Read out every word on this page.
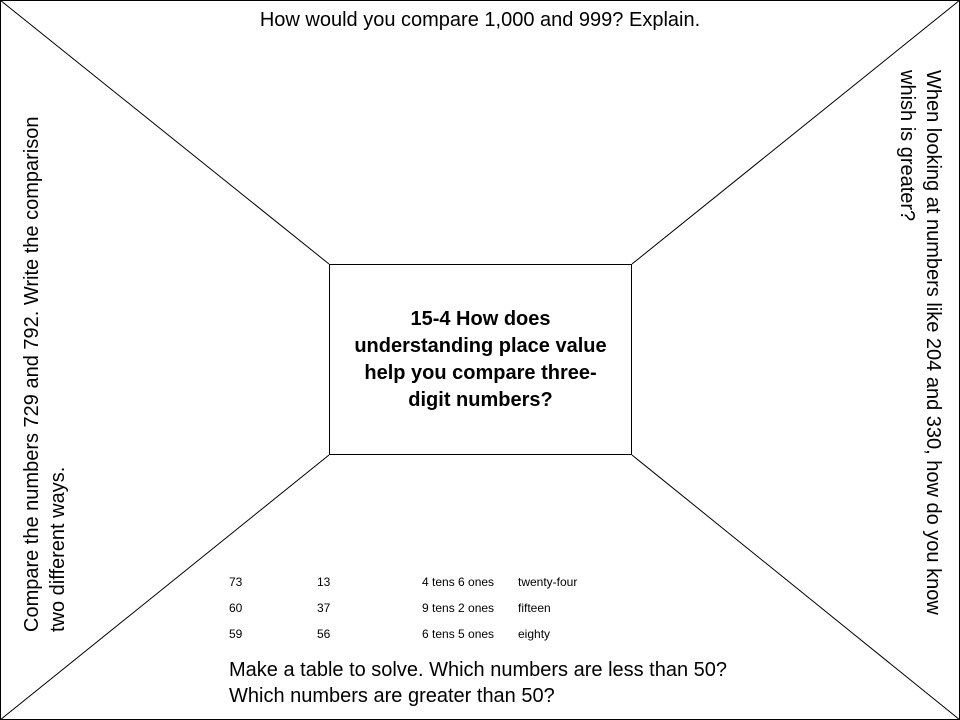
How would you compare 1,000 and 999? Explain.
Compare the numbers 729 and 792. Write the comparison two different ways.	When looking at numbers like 204 and 330, how do you know whish is greater?
15-4 How does understanding place value help you compare three-digit numbers?
73	13	4 tens 6 ones	twenty-four
60	37	9 tens 2 ones	fifteen
59	56	6 tens 5 ones	eighty
Make a table to solve. Which numbers are less than 50? Which numbers are greater than 50?
